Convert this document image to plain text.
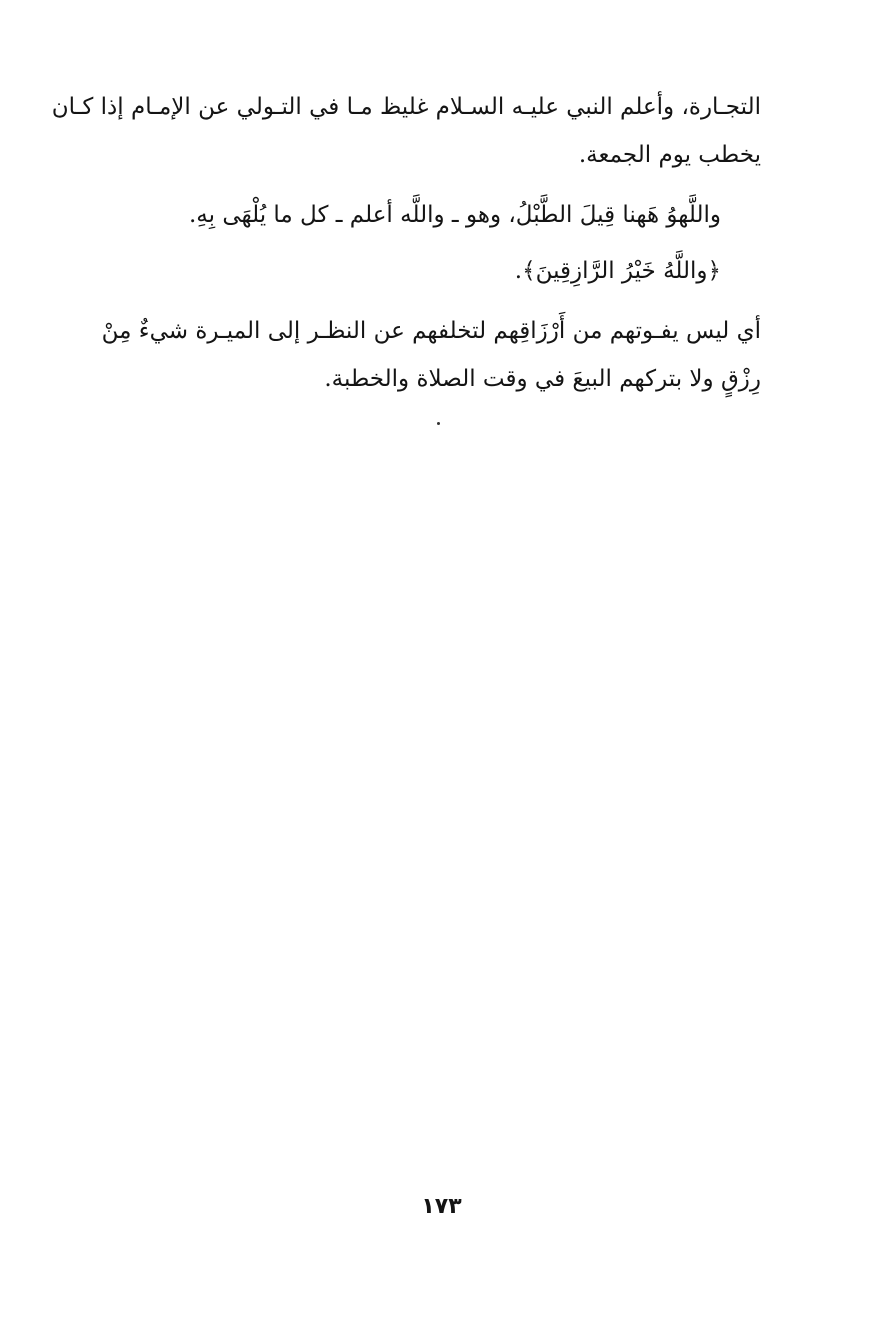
التجـارة، وأعلم النبي عليـه السـلام غليظ مـا في التـولي عن الإمـام إذا كـان
يخطب يوم الجمعة.
واللَّهوُ هَهنا قِيلَ الطَّبْلُ، وهو ـ واللَّه أعلم ـ كل ما يُلْهَى بِهِ.
﴿واللَّهُ خَيْرُ الرَّازِقِينَ﴾.
أي ليس يفـوتهم من أَرْزَاقِهم لتخلفهم عن النظـر إلى الميـرة شيءٌ مِنْ
رِزْقٍ ولا بتركهم البيعَ في وقت الصلاة والخطبة.
١٧٣
